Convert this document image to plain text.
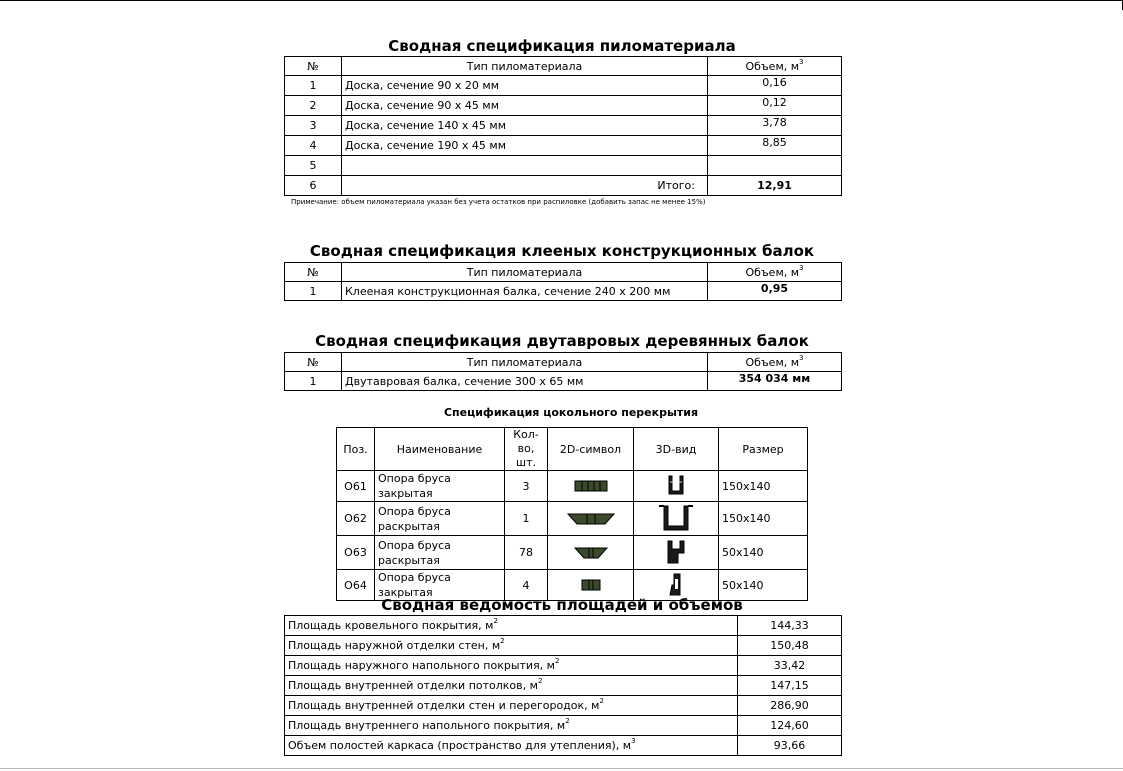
Сводная спецификация пиломатериала
№	Тип пиломатериала	Объем, $м^3$
1	Доска, сечение 90 х 20 мм	0,16
2	Доска, сечение 90 х 45 мм	0,12
3	Доска, сечение 140 х 45 мм	3,78
4	Доска, сечение 190 х 45 мм	8,85
5		
6	Итого:	12,91
Примечание: объем пиломатериала указан без учета остатков при распиловке (добавить запас не менее 15%)
Сводная спецификация клееных конструкционных балок
№	Тип пиломатериала	Объем, $м^3$
1	Клееная конструкционная балка, сечение 240 х 200 мм	0,95
Сводная спецификация двутавровых деревянных балок
№	Тип пиломатериала	Объем, $м^3$
1	Двутавровая балка, сечение 300 х 65 мм	354 034 мм
Спецификация цокольного перекрытия
Поз.	Наименование	Кол-во, шт.	2D-символ	3D-вид	Размер
О61	Опора бруса закрытая	3			150х140
О62	Опора бруса раскрытая	1			150х140
О63	Опора бруса раскрытая	78			50х140
О64	Опора бруса закрытая	4			50х140
Сводная ведомость площадей и объемов
Площадь кровельного покрытия, $м^2$	144,33
Площадь наружной отделки стен, $м^2$	150,48
Площадь наружного напольного покрытия, $м^2$	33,42
Площадь внутренней отделки потолков, $м^2$	147,15
Площадь внутренней отделки стен и перегородок, $м^2$	286,90
Площадь внутреннего напольного покрытия, $м^2$	124,60
Объем полостей каркаса (пространство для утепления), $м^3$	93,66
